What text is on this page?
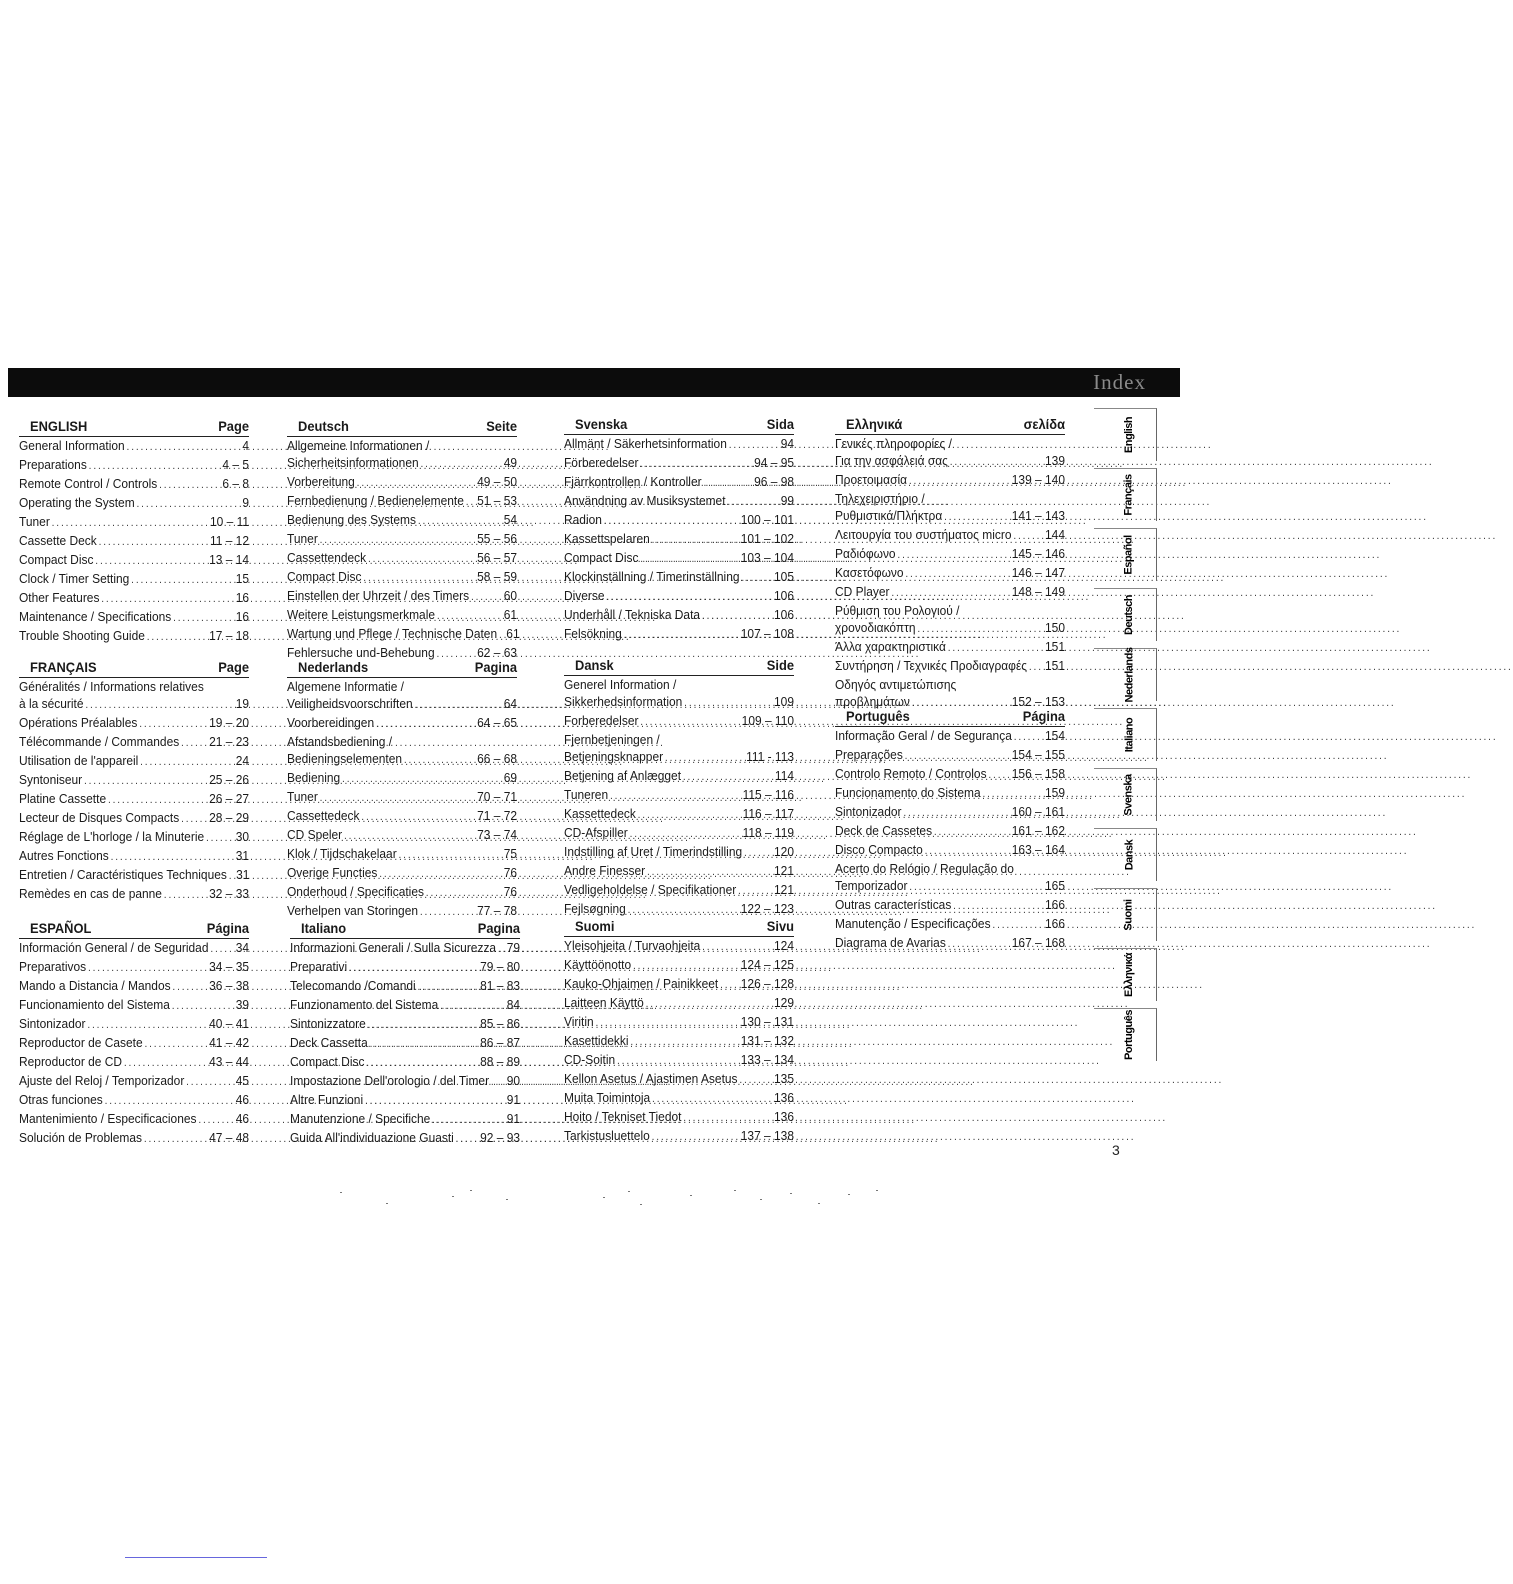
Index
ENGLISH	Page
General Information .....	4
Preparations .....	4 – 5
Remote Control / Controls .....	6 – 8
Operating the System .....	9
Tuner .....	10 – 11
Cassette Deck .....	11 – 12
Compact Disc .....	13 – 14
Clock / Timer Setting .....	15
Other Features .....	16
Maintenance / Specifications .....	16
Trouble Shooting Guide .....	17 – 18
FRANÇAIS	Page
Généralités / Informations relatives
à la sécurité .....	19
Opérations Préalables .....	19 – 20
Télécommande / Commandes ..... 21 – 23
Utilisation de l'appareil .....	24
Syntoniseur .....	25 – 26
Platine Cassette .....	26 – 27
Lecteur de Disques Compacts ..... 28 – 29
Réglage de L'horloge / la Minuterie ..... 30
Autres Fonctions .....	31
Entretien / Caractéristiques Techniques ..... 31
Remèdes en cas de panne .....	32 – 33
ESPAÑOL	Página
Información General / de Seguridad ..... 34
Preparativos .....	34 – 35
Mando a Distancia / Mandos .....	36 – 38
Funcionamiento del Sistema .....	39
Sintonizador .....	40 – 41
Reproductor de Casete .....	41 – 42
Reproductor de CD .....	43 – 44
Ajuste del Reloj / Temporizador .....	45
Otras funciones .....	46
Mantenimiento / Especificaciones .....	46
Solución de Problemas .....	47 – 48
Deutsch	Seite
Allgemeine Informationen /
Sicherheitsinformationen .....	49
Vorbereitung .....	49 – 50
Fernbedienung / Bedienelemente ..... 51 – 53
Bedienung des Systems .....	54
Tuner .....	55 – 56
Cassettendeck .....	56 – 57
Compact Disc .....	58 – 59
Einstellen der Uhrzeit / des Timers .....	60
Weitere Leistungsmerkmale .....	61
Wartung und Pflege / Technische Daten ..... 61
Fehlersuche und-Behebung .....	62 – 63
Nederlands	Pagina
Algemene Informatie /
Veiligheidsvoorschriften .....	64
Voorbereidingen .....	64 – 65
Afstandsbediening /
Bedieningselementen .....	66 – 68
Bediening .....	69
Tuner .....	70 – 71
Cassettedeck .....	71 – 72
CD Speler .....	73 – 74
Klok / Tijdschakelaar .....	75
Overige Functies .....	76
Onderhoud / Specificaties .....	76
Verhelpen van Storingen .....	77 – 78
Italiano	Pagina
Informazioni Generali / Sulla Sicurezza ..... 79
Preparativi .....	79 – 80
Telecomando /Comandi .....	81 – 83
Funzionamento del Sistema .....	84
Sintonizzatore .....	85 – 86
Deck Cassetta .....	86 – 87
Compact Disc .....	88 – 89
Impostazione Dell'orologio / del Timer ..... 90
Altre Funzioni .....	91
Manutenzione / Specifiche .....	91
Guida All'individuazione Guasti ..... 92 – 93
Svenska	Sida
Allmänt / Säkerhetsinformation .....	94
Förberedelser .....	94 – 95
Fjärrkontrollen / Kontroller .....	96 – 98
Användning av Musiksystemet .....	99
Radion .....	100 – 101
Kassettspelaren .....	101 – 102
Compact Disc .....	103 – 104
Klockinställning / Timerinställning .....	105
Diverse .....	106
Underhåll / Tekniska Data .....	106
Felsökning .....	107 – 108
Dansk	Side
Generel Information /
Sikkerhedsinformation .....	109
Forberedelser .....	109 – 110
Fjernbetjeningen /
Betjeningsknapper .....	111 - 113
Betjening af Anlægget .....	114
Tuneren .....	115 – 116
Kassettedeck .....	116 – 117
CD-Afspiller .....	118 – 119
Indstilling af Uret / Timerindstilling ..... 120
Andre Finesser .....	121
Vedligeholdelse / Specifikationer .....	121
Fejlsøgning .....	122 – 123
Suomi	Sivu
Yleisohjeita / Turvaohjeita .....	124
Käyttöönotto .....	124 – 125
Kauko-Ohjaimen / Painikkeet ..... 126 – 128
Laitteen Käyttö .....	129
Viritin .....	130 – 131
Kasettidekki .....	131 – 132
CD-Soitin .....	133 – 134
Kellon Asetus / Ajastimen Asetus .....	135
Muita Toimintoja .....	136
Hoito / Tekniset Tiedot .....	136
Tarkistusluettelo .....	137 – 138
Ελληνικά	σελίδα
Γενικές πληροφορίες /
Για την ασφάλειά σας .....	139
Προετοιμασία .....	139 – 140
Τηλεχειριστήριο /
Ρυθμιστικά/Πλήκτρα .....	141 – 143
Λειτουργία του συστήματος micro .....	144
Ραδιόφωνο .....	145 – 146
Κασετόφωνο .....	146 – 147
CD Player .....	148 – 149
Ρύθμιση του Ρολογιού /
χρονοδιακόπτη .....	150
Άλλα χαρακτηριστικά .....	151
Συντήρηση / Τεχνικές Προδιαγραφές ..... 151
Οδηγός αντιμετώπισης
προβλημάτων .....	152 – 153
Português	Página
Informação Geral / de Segurança .....	154
Preparações .....	154 – 155
Controlo Remoto / Controlos ..... 156 – 158
Funcionamento do Sistema .....	159
Sintonizador .....	160 – 161
Deck de Cassetes .....	161 – 162
Disco Compacto .....	163 – 164
Acerto do Relógio / Regulação do
Temporizador .....	165
Outras características .....	166
Manutenção / Especificações .....	166
Diagrama de Avarias .....	167 – 168
English
Français
Español
Deutsch
Nederlands
Italiano
Svenska
Dansk
Suomi
Ελληνικά
Português
3
